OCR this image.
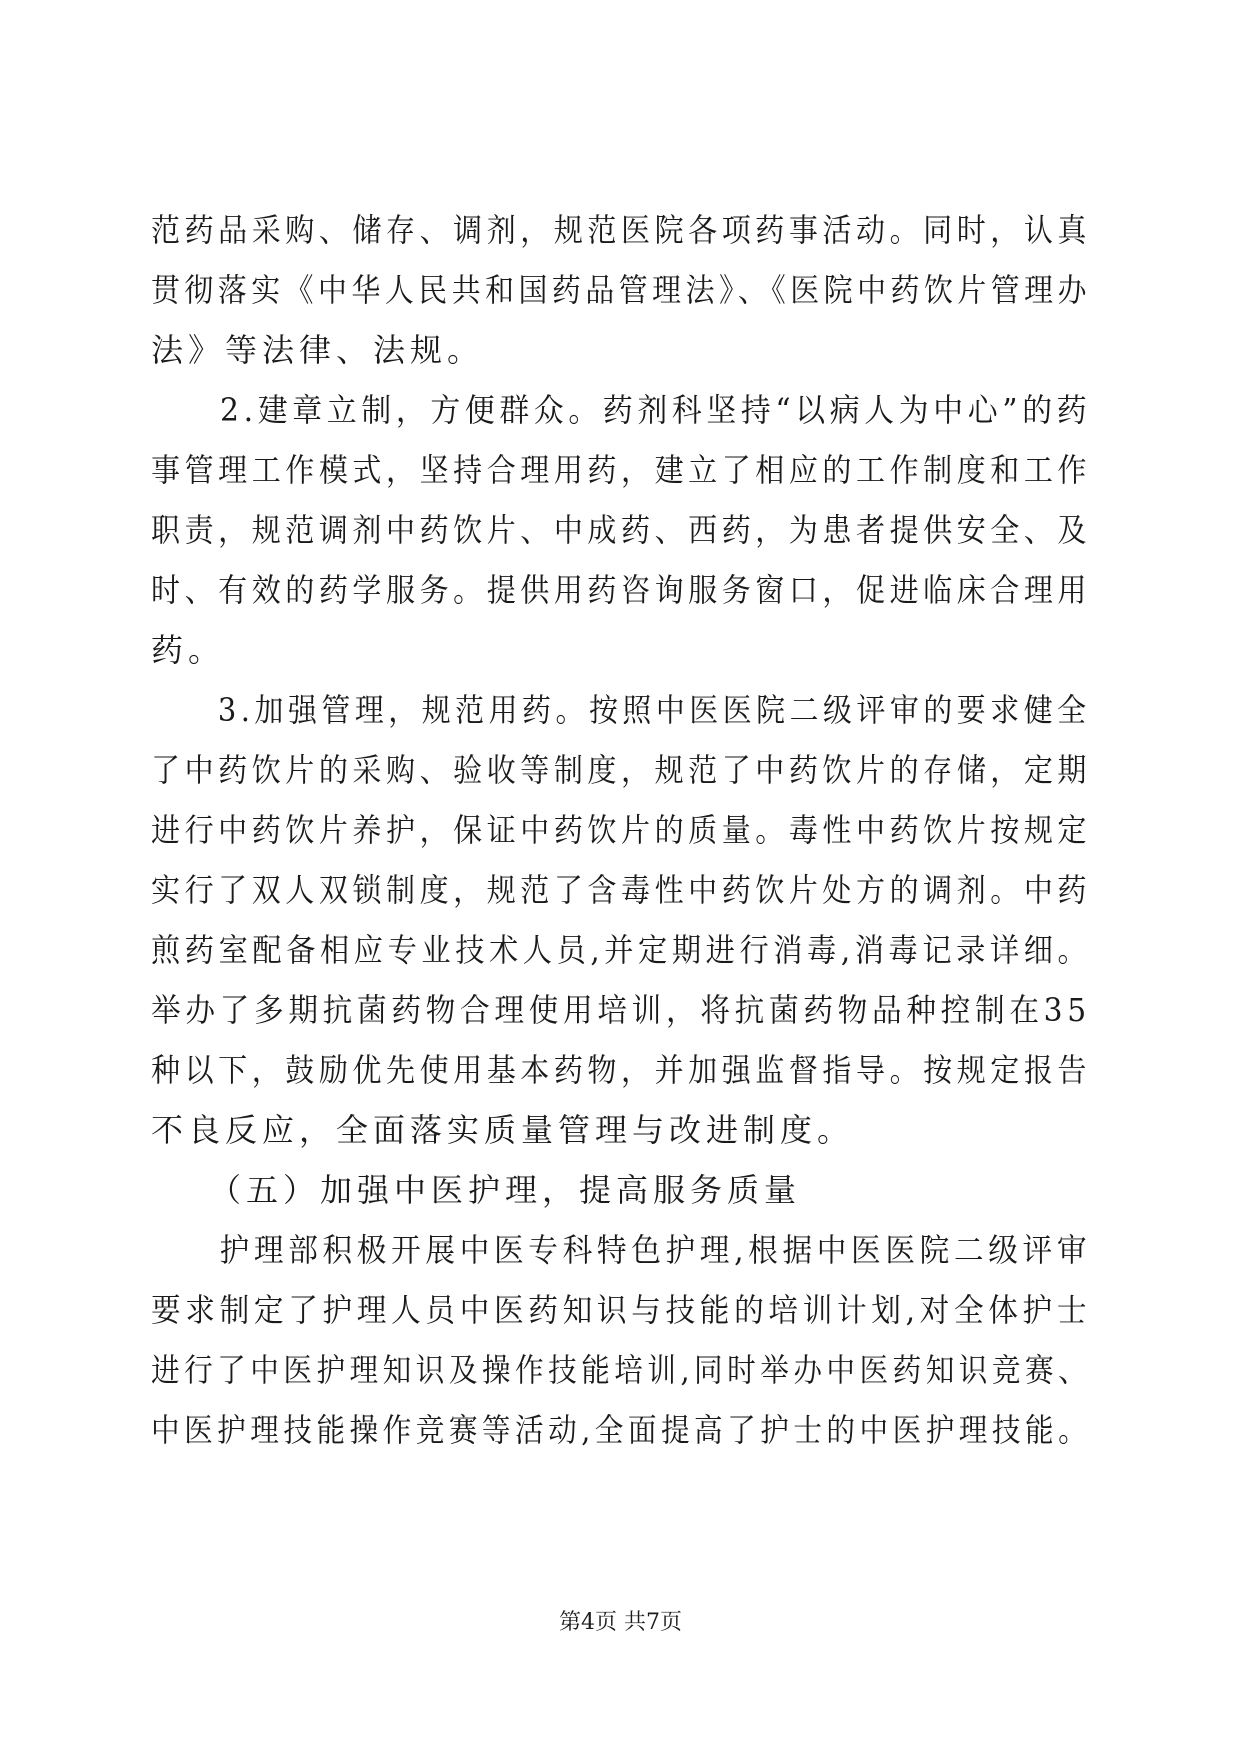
范药品采购、储存、调剂，规范医院各项药事活动。同时，认真
贯彻落实《中华人民共和国药品管理法》、《医院中药饮片管理办
法》等法律、法规。
　　2.建章立制，方便群众。药剂科坚持“以病人为中心”的药
事管理工作模式，坚持合理用药，建立了相应的工作制度和工作
职责，规范调剂中药饮片、中成药、西药，为患者提供安全、及
时、有效的药学服务。提供用药咨询服务窗口，促进临床合理用
药。
　　3.加强管理，规范用药。按照中医医院二级评审的要求健全
了中药饮片的采购、验收等制度，规范了中药饮片的存储，定期
进行中药饮片养护，保证中药饮片的质量。毒性中药饮片按规定
实行了双人双锁制度，规范了含毒性中药饮片处方的调剂。中药
煎药室配备相应专业技术人员,并定期进行消毒,消毒记录详细。
举办了多期抗菌药物合理使用培训，将抗菌药物品种控制在35
种以下，鼓励优先使用基本药物，并加强监督指导。按规定报告
不良反应，全面落实质量管理与改进制度。
　　（五）加强中医护理，提高服务质量
　　护理部积极开展中医专科特色护理,根据中医医院二级评审
要求制定了护理人员中医药知识与技能的培训计划,对全体护士
进行了中医护理知识及操作技能培训,同时举办中医药知识竞赛、
中医护理技能操作竞赛等活动,全面提高了护士的中医护理技能。
第4页 共7页
